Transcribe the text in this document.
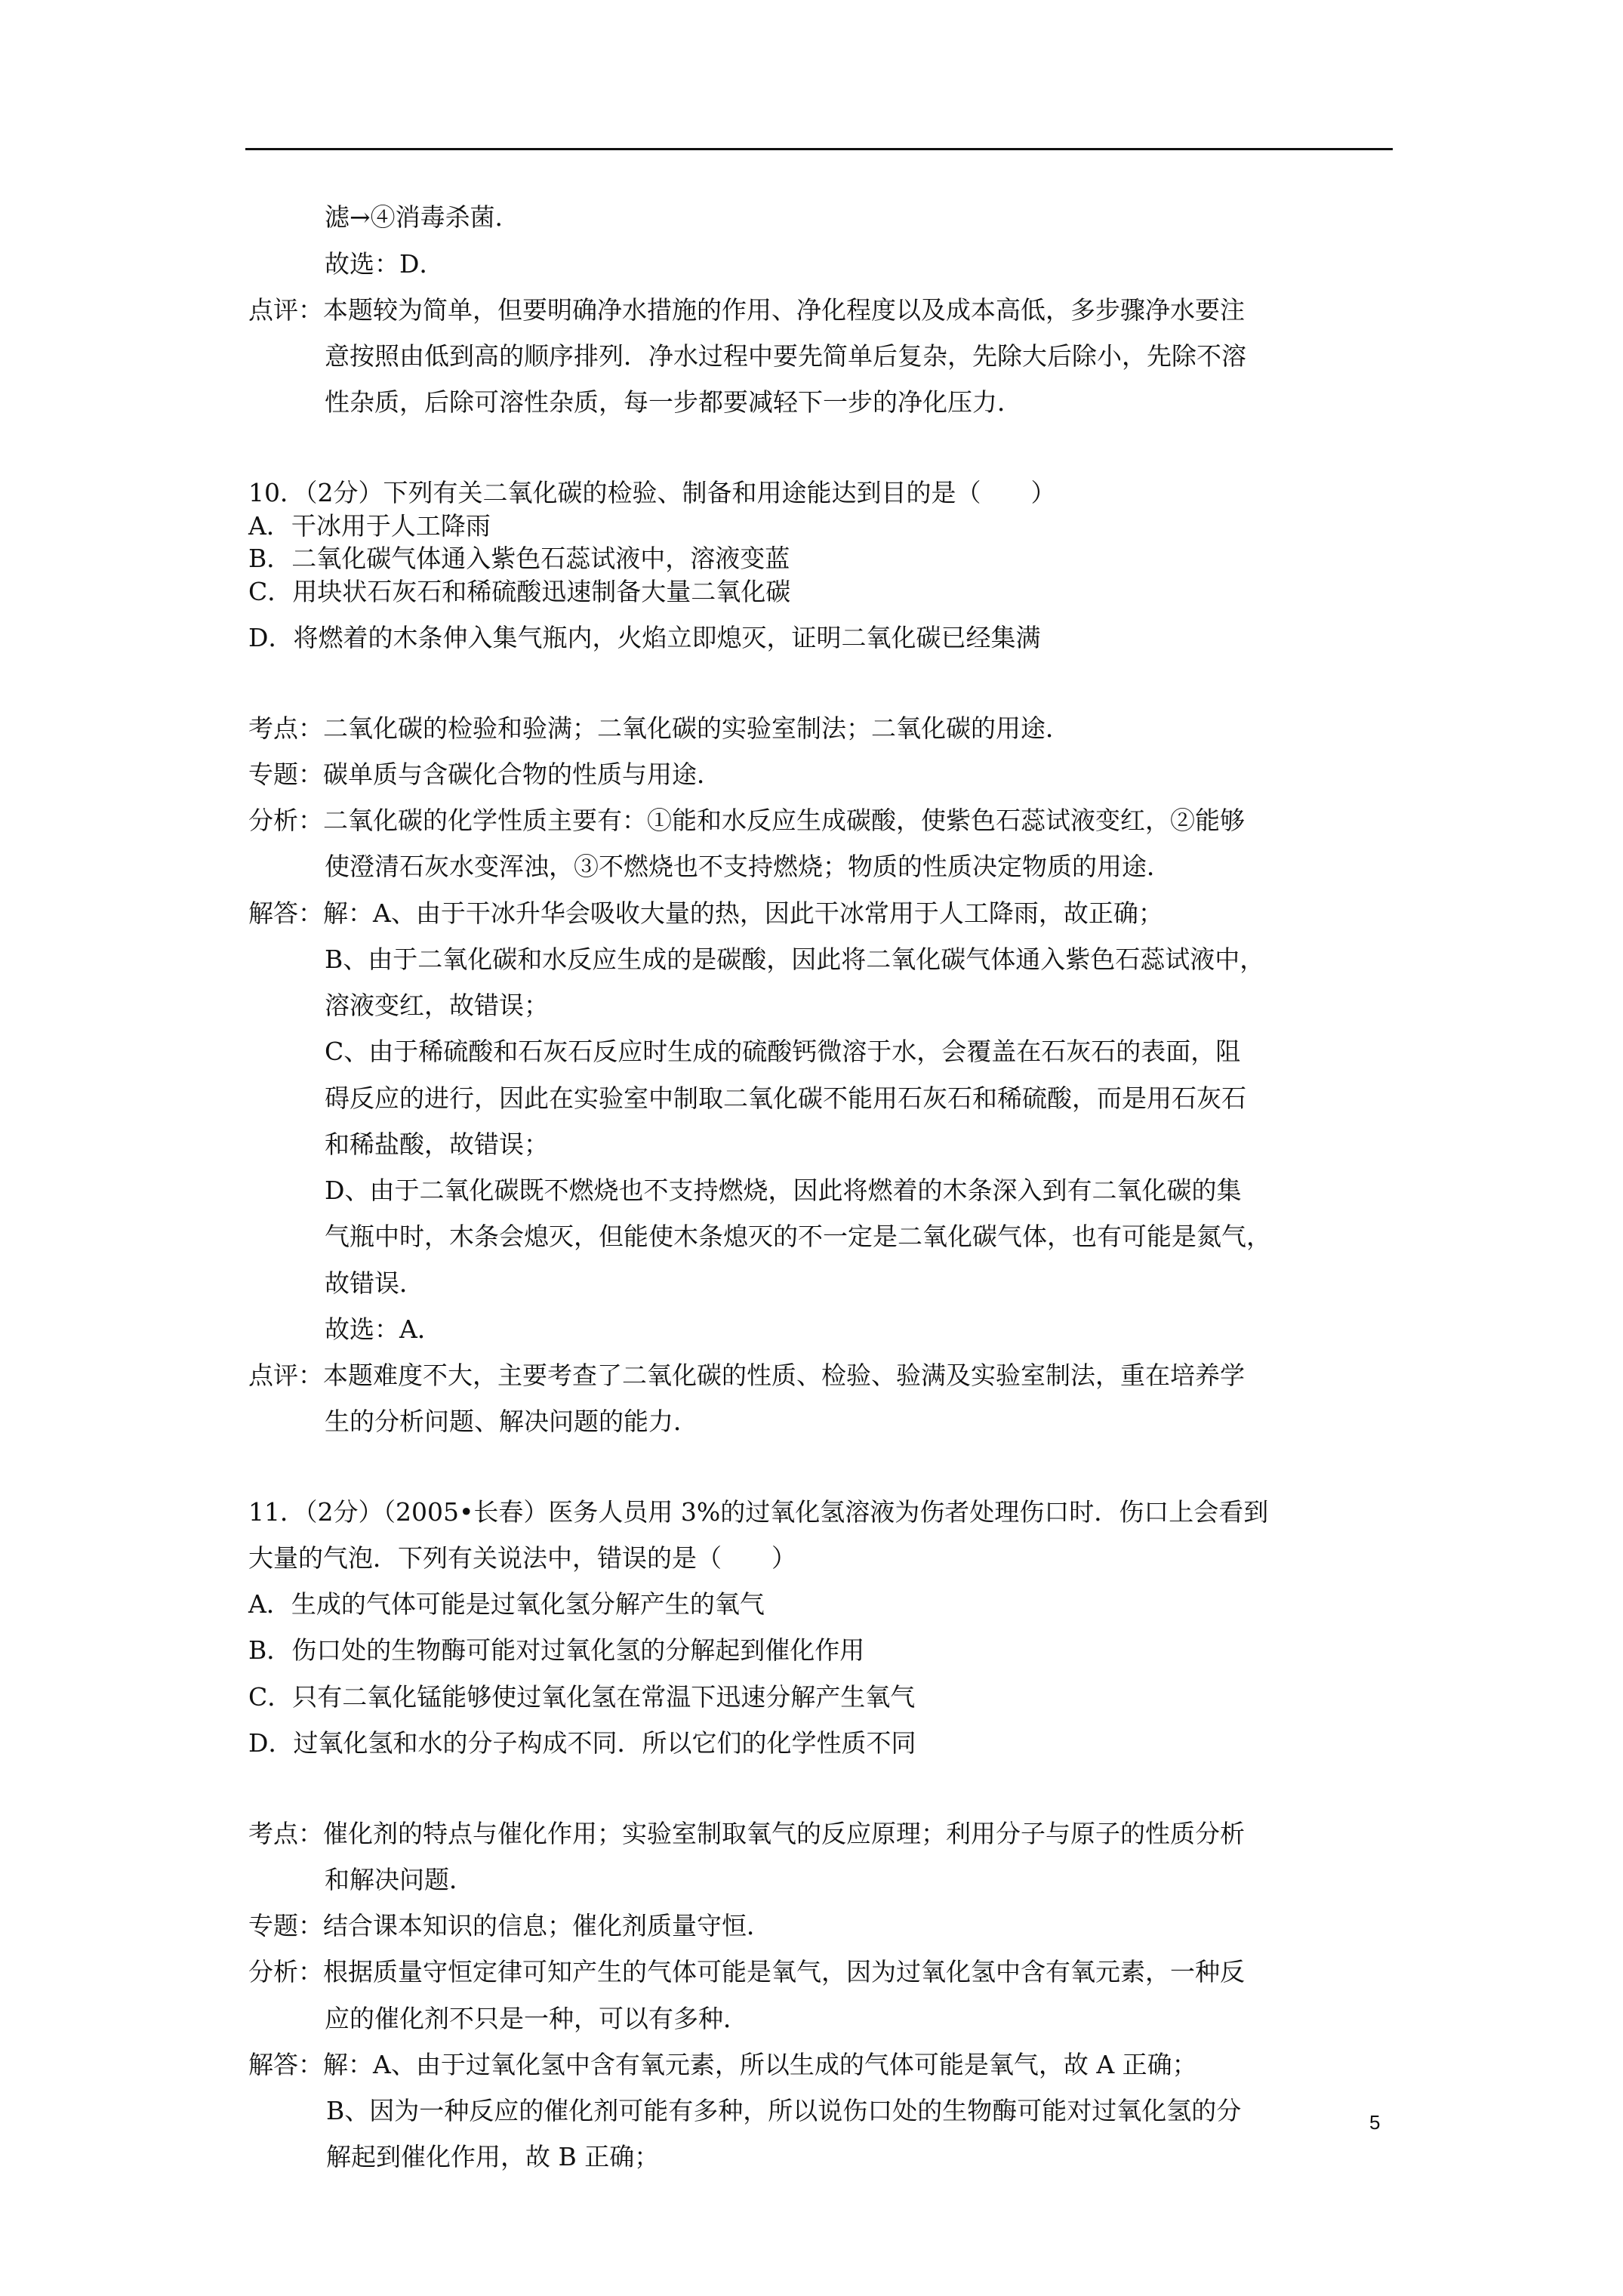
滤→④消毒杀菌．
故选：D．
点评：本题较为简单，但要明确净水措施的作用、净化程度以及成本高低，多步骤净水要注
意按照由低到高的顺序排列．净水过程中要先简单后复杂，先除大后除小，先除不溶
性杂质，后除可溶性杂质，每一步都要减轻下一步的净化压力．
10．（2分）下列有关二氧化碳的检验、制备和用途能达到目的是（　　）
A．干冰用于人工降雨
B．二氧化碳气体通入紫色石蕊试液中，溶液变蓝
C．用块状石灰石和稀硫酸迅速制备大量二氧化碳
D．将燃着的木条伸入集气瓶内，火焰立即熄灭，证明二氧化碳已经集满
考点：二氧化碳的检验和验满；二氧化碳的实验室制法；二氧化碳的用途．
专题：碳单质与含碳化合物的性质与用途．
分析：二氧化碳的化学性质主要有：①能和水反应生成碳酸，使紫色石蕊试液变红，②能够
使澄清石灰水变浑浊，③不燃烧也不支持燃烧；物质的性质决定物质的用途．
解答：解：A、由于干冰升华会吸收大量的热，因此干冰常用于人工降雨，故正确；
B、由于二氧化碳和水反应生成的是碳酸，因此将二氧化碳气体通入紫色石蕊试液中，
溶液变红，故错误；
C、由于稀硫酸和石灰石反应时生成的硫酸钙微溶于水，会覆盖在石灰石的表面，阻
碍反应的进行，因此在实验室中制取二氧化碳不能用石灰石和稀硫酸，而是用石灰石
和稀盐酸，故错误；
D、由于二氧化碳既不燃烧也不支持燃烧，因此将燃着的木条深入到有二氧化碳的集
气瓶中时，木条会熄灭，但能使木条熄灭的不一定是二氧化碳气体，也有可能是氮气，
故错误．
故选：A．
点评：本题难度不大，主要考查了二氧化碳的性质、检验、验满及实验室制法，重在培养学
生的分析问题、解决问题的能力．
11．（2分）（2005•长春）医务人员用 3%的过氧化氢溶液为伤者处理伤口时．伤口上会看到
大量的气泡．下列有关说法中，错误的是（　　）
A．生成的气体可能是过氧化氢分解产生的氧气
B．伤口处的生物酶可能对过氧化氢的分解起到催化作用
C．只有二氧化锰能够使过氧化氢在常温下迅速分解产生氧气
D．过氧化氢和水的分子构成不同．所以它们的化学性质不同
考点：催化剂的特点与催化作用；实验室制取氧气的反应原理；利用分子与原子的性质分析
和解决问题．
专题：结合课本知识的信息；催化剂质量守恒．
分析：根据质量守恒定律可知产生的气体可能是氧气，因为过氧化氢中含有氧元素，一种反
应的催化剂不只是一种，可以有多种．
解答：解：A、由于过氧化氢中含有氧元素，所以生成的气体可能是氧气，故 A 正确；
B、因为一种反应的催化剂可能有多种，所以说伤口处的生物酶可能对过氧化氢的分
解起到催化作用，故 B 正确；
5
